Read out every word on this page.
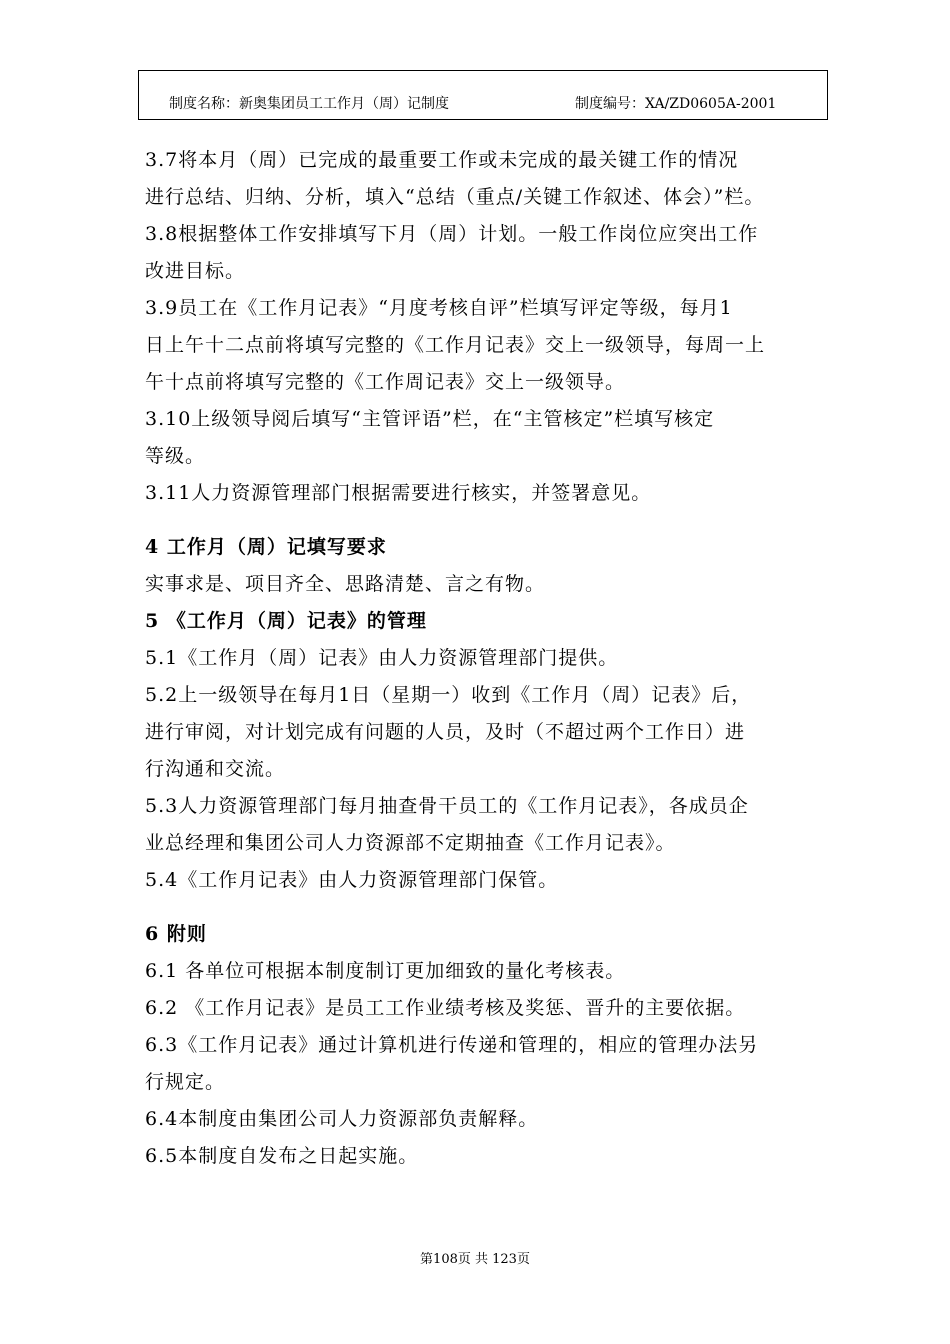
制度名称：新奥集团员工工作月（周）记制度	制度编号：XA/ZD0605A-2001
3.7将本月（周）已完成的最重要工作或未完成的最关键工作的情况
进行总结、归纳、分析，填入“总结（重点/关键工作叙述、体会）”栏。
3.8根据整体工作安排填写下月（周）计划。一般工作岗位应突出工作
改进目标。
3.9员工在《工作月记表》“月度考核自评”栏填写评定等级，每月1
日上午十二点前将填写完整的《工作月记表》交上一级领导，每周一上
午十点前将填写完整的《工作周记表》交上一级领导。
3.10上级领导阅后填写“主管评语”栏，在“主管核定”栏填写核定
等级。
3.11人力资源管理部门根据需要进行核实，并签署意见。
4 工作月（周）记填写要求
实事求是、项目齐全、思路清楚、言之有物。
5 《工作月（周）记表》的管理
5.1《工作月（周）记表》由人力资源管理部门提供。
5.2上一级领导在每月1日（星期一）收到《工作月（周）记表》后，
进行审阅，对计划完成有问题的人员，及时（不超过两个工作日）进
行沟通和交流。
5.3人力资源管理部门每月抽查骨干员工的《工作月记表》，各成员企
业总经理和集团公司人力资源部不定期抽查《工作月记表》。
5.4《工作月记表》由人力资源管理部门保管。
6 附则
6.1 各单位可根据本制度制订更加细致的量化考核表。
6.2 《工作月记表》是员工工作业绩考核及奖惩、晋升的主要依据。
6.3《工作月记表》通过计算机进行传递和管理的，相应的管理办法另
行规定。
6.4本制度由集团公司人力资源部负责解释。
6.5本制度自发布之日起实施。
第108页 共 123页
